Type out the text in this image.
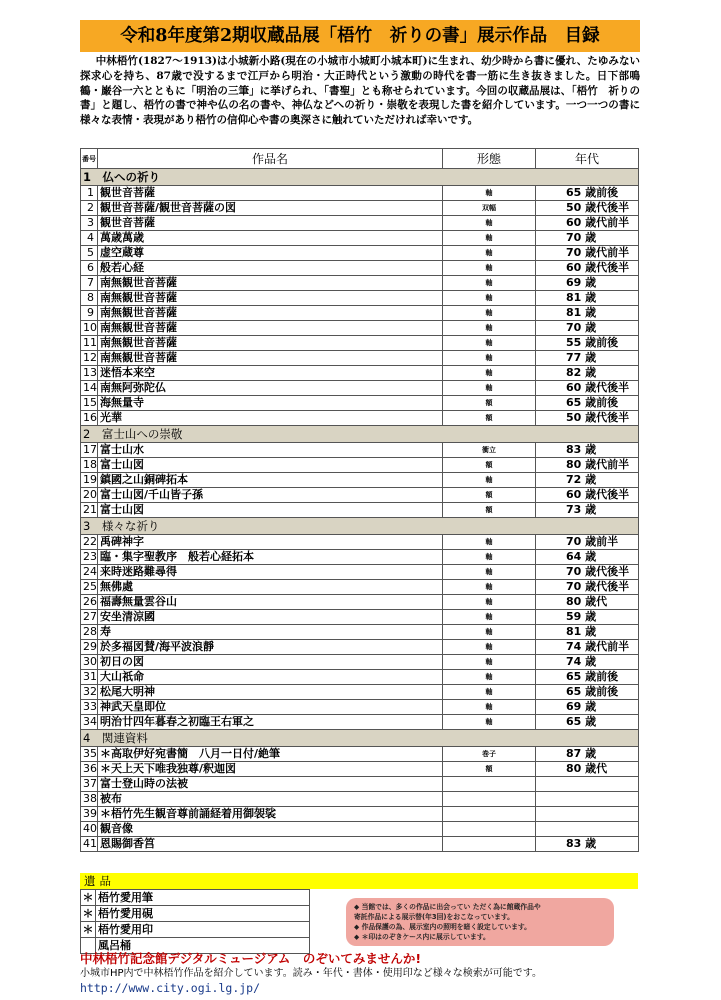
令和8年度第2期収蔵品展「梧竹　祈りの書」展示作品　目録
中林梧竹(1827〜1913)は小城新小路(現在の小城市小城町小城本町)に生まれ、幼少時から書に優れ、たゆみない探求心を持ち、87歳で没するまで江戸から明治・大正時代という激動の時代を書一筋に生き抜きました。日下部鳴鶴・巌谷一六とともに「明治の三筆」に挙げられ、「書聖」とも称せられています。今回の収蔵品展は、「梧竹　祈りの書」と題し、梧竹の書で神や仏の名の書や、神仏などへの祈り・崇敬を表現した書を紹介しています。一つ一つの書に様々な表情・表現があり梧竹の信仰心や書の奥深さに触れていただければ幸いです。
番号	作品名	形態	年代
1　仏への祈り			
1	観世音菩薩	軸	65 歳前後
2	観世音菩薩/観世音菩薩の図	双幅	50 歳代後半
3	観世音菩薩	軸	60 歳代前半
4	萬歳萬歳	軸	70 歳
5	虚空蔵尊	軸	70 歳代前半
6	般若心経	軸	60 歳代後半
7	南無観世音菩薩	軸	69 歳
8	南無観世音菩薩	軸	81 歳
9	南無観世音菩薩	軸	81 歳
10	南無観世音菩薩	軸	70 歳
11	南無観世音菩薩	軸	55 歳前後
12	南無観世音菩薩	軸	77 歳
13	迷悟本来空	軸	82 歳
14	南無阿弥陀仏	軸	60 歳代後半
15	海無量寺	額	65 歳前後
16	光華	額	50 歳代後半
2　富士山への崇敬			
17	富士山水	衝立	83 歳
18	富士山図	額	80 歳代前半
19	鎮國之山銅碑拓本	軸	72 歳
20	富士山図/千山皆子孫	額	60 歳代後半
21	富士山図	額	73 歳
3　様々な祈り			
22	禹碑神字	軸	70 歳前半
23	臨・集字聖教序　般若心経拓本	軸	64 歳
24	来時迷路難尋得	軸	70 歳代後半
25	無佛處	軸	70 歳代後半
26	福壽無量雲谷山	軸	80 歳代
27	安坐清涼國	軸	59 歳
28	寿	軸	81 歳
29	於多福図賛/海平波浪靜	軸	74 歳代前半
30	初日の図	軸	74 歳
31	大山祇命	軸	65 歳前後
32	松尾大明神	軸	65 歳前後
33	神武天皇即位	軸	69 歳
34	明治廿四年暮春之初臨王右軍之	軸	65 歳
4　関連資料			
35	＊高取伊好宛書簡　八月一日付/絶筆	巻子	87 歳
36	＊天上天下唯我独尊/釈迦図	額	80 歳代
37	富士登山時の法被		
38	被布		
39	＊梧竹先生観音尊前誦経着用御袈裟		
40	観音像		
41	恩賜御香筥		83 歳
遺品
＊	梧竹愛用筆
＊	梧竹愛用硯
＊	梧竹愛用印
	風呂桶
◆ 当館では、多くの作品に出会ってい ただく為に館蔵作品や
寄託作品による展示替(年3回)をおこなっています。
◆ 作品保護の為、展示室内の照明を暗く設定しています。
◆ ＊印はのぞきケース内に展示しています。
中林梧竹記念館デジタルミュージアム　のぞいてみませんか!
小城市HP内で中林梧竹作品を紹介しています。読み・年代・書体・使用印など様々な検索が可能です。
http://www.city.ogi.lg.jp/
